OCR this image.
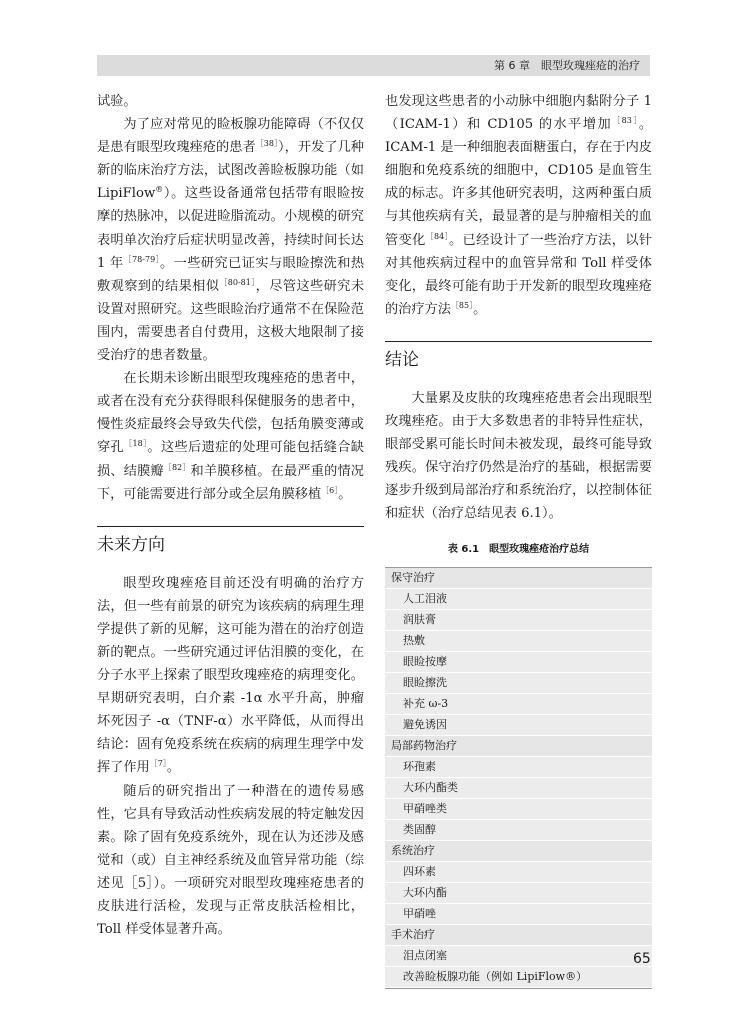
第 6 章　眼型玫瑰痤疮的治疗

试验。

为了应对常见的睑板腺功能障碍（不仅仅是患有眼型玫瑰痤疮的患者$^{[38]}$），开发了几种新的临床治疗方法，试图改善睑板腺功能（如 LipiFlow®）。这些设备通常包括带有眼睑按摩的热脉冲，以促进睑脂流动。小规模的研究表明单次治疗后症状明显改善，持续时间长达 1 年$^{[78-79]}$。一些研究已证实与眼睑擦洗和热敷观察到的结果相似$^{[80-81]}$，尽管这些研究未设置对照研究。这些眼睑治疗通常不在保险范围内，需要患者自付费用，这极大地限制了接受治疗的患者数量。

在长期未诊断出眼型玫瑰痤疮的患者中，或者在没有充分获得眼科保健服务的患者中，慢性炎症最终会导致失代偿，包括角膜变薄或穿孔$^{[18]}$。这些后遗症的处理可能包括缝合缺损、结膜瓣$^{[82]}$和羊膜移植。在最严重的情况下，可能需要进行部分或全层角膜移植$^{[6]}$。

未来方向

眼型玫瑰痤疮目前还没有明确的治疗方法，但一些有前景的研究为该疾病的病理生理学提供了新的见解，这可能为潜在的治疗创造新的靶点。一些研究通过评估泪膜的变化，在分子水平上探索了眼型玫瑰痤疮的病理变化。早期研究表明，白介素 -1α 水平升高，肿瘤坏死因子 -α（TNF-α）水平降低，从而得出结论：固有免疫系统在疾病的病理生理学中发挥了作用$^{[7]}$。

随后的研究指出了一种潜在的遗传易感性，它具有导致活动性疾病发展的特定触发因素。除了固有免疫系统外，现在认为还涉及感觉和（或）自主神经系统及血管异常功能（综述见［5］）。一项研究对眼型玫瑰痤疮患者的皮肤进行活检，发现与正常皮肤活检相比，Toll 样受体显著升高。

也发现这些患者的小动脉中细胞内黏附分子 1（ICAM-1）和 CD105 的水平增加$^{[83]}$。ICAM-1 是一种细胞表面糖蛋白，存在于内皮细胞和免疫系统的细胞中，CD105 是血管生成的标志。许多其他研究表明，这两种蛋白质与其他疾病有关，最显著的是与肿瘤相关的血管变化$^{[84]}$。已经设计了一些治疗方法，以针对其他疾病过程中的血管异常和 Toll 样受体变化，最终可能有助于开发新的眼型玫瑰痤疮的治疗方法$^{[85]}$。

结论

大量累及皮肤的玫瑰痤疮患者会出现眼型玫瑰痤疮。由于大多数患者的非特异性症状，眼部受累可能长时间未被发现，最终可能导致残疾。保守治疗仍然是治疗的基础，根据需要逐步升级到局部治疗和系统治疗，以控制体征和症状（治疗总结见表 6.1）。

表 6.1　眼型玫瑰痤疮治疗总结
保守治疗
人工泪液
润肤膏
热敷
眼睑按摩
眼睑擦洗
补充 ω-3
避免诱因
局部药物治疗
环孢素
大环内酯类
甲硝唑类
类固醇
系统治疗
四环素
大环内酯
甲硝唑
手术治疗
泪点闭塞
改善睑板腺功能（例如 LipiFlow®）
65
